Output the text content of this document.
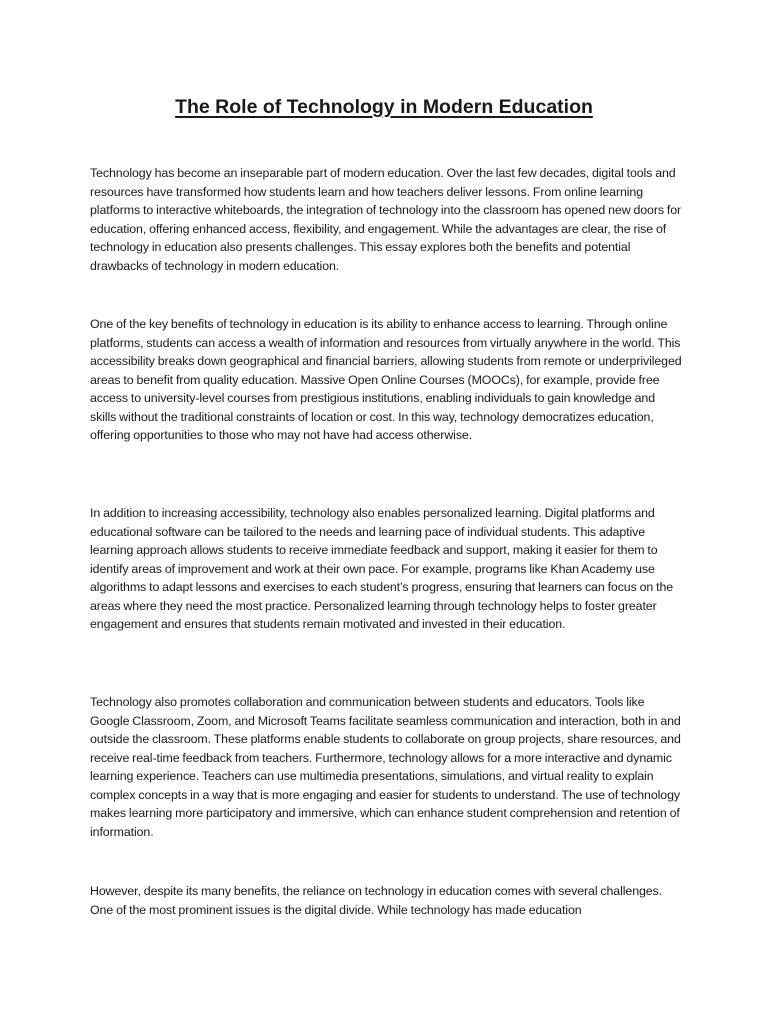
The Role of Technology in Modern Education

Technology has become an inseparable part of modern education. Over the last few decades, digital tools and resources have transformed how students learn and how teachers deliver lessons. From online learning platforms to interactive whiteboards, the integration of technology into the classroom has opened new doors for education, offering enhanced access, flexibility, and engagement. While the advantages are clear, the rise of technology in education also presents challenges. This essay explores both the benefits and potential drawbacks of technology in modern education.

One of the key benefits of technology in education is its ability to enhance access to learning. Through online platforms, students can access a wealth of information and resources from virtually anywhere in the world. This accessibility breaks down geographical and financial barriers, allowing students from remote or underprivileged areas to benefit from quality education. Massive Open Online Courses (MOOCs), for example, provide free access to university-level courses from prestigious institutions, enabling individuals to gain knowledge and skills without the traditional constraints of location or cost. In this way, technology democratizes education, offering opportunities to those who may not have had access otherwise.

In addition to increasing accessibility, technology also enables personalized learning. Digital platforms and educational software can be tailored to the needs and learning pace of individual students. This adaptive learning approach allows students to receive immediate feedback and support, making it easier for them to identify areas of improvement and work at their own pace. For example, programs like Khan Academy use algorithms to adapt lessons and exercises to each student’s progress, ensuring that learners can focus on the areas where they need the most practice. Personalized learning through technology helps to foster greater engagement and ensures that students remain motivated and invested in their education.

Technology also promotes collaboration and communication between students and educators. Tools like Google Classroom, Zoom, and Microsoft Teams facilitate seamless communication and interaction, both in and outside the classroom. These platforms enable students to collaborate on group projects, share resources, and receive real-time feedback from teachers. Furthermore, technology allows for a more interactive and dynamic learning experience. Teachers can use multimedia presentations, simulations, and virtual reality to explain complex concepts in a way that is more engaging and easier for students to understand. The use of technology makes learning more participatory and immersive, which can enhance student comprehension and retention of information.

However, despite its many benefits, the reliance on technology in education comes with several challenges. One of the most prominent issues is the digital divide. While technology has made education
